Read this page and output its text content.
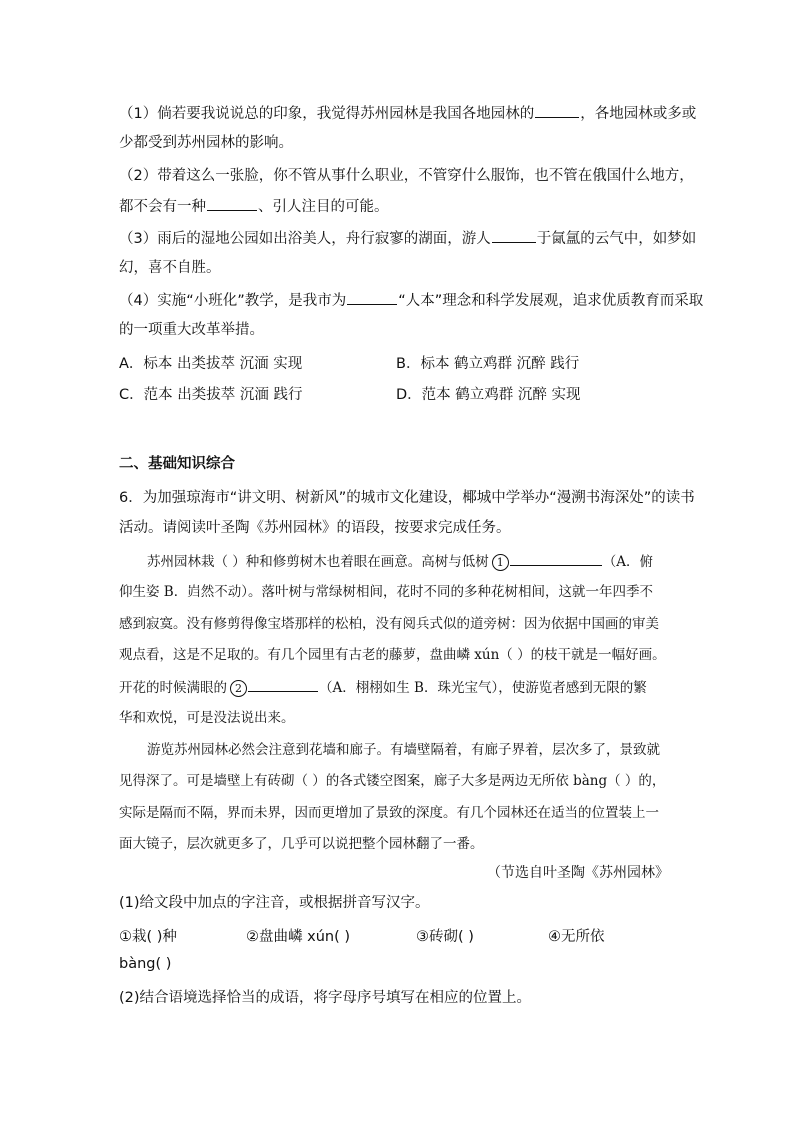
（1）倘若要我说说总的印象，我觉得苏州园林是我国各地园林的	，各地园林或多或
少都受到苏州园林的影响。
（2）带着这么一张脸，你不管从事什么职业，不管穿什么服饰，也不管在俄国什么地方，
都不会有一种	、引人注目的可能。
（3）雨后的湿地公园如出浴美人，舟行寂寥的湖面，游人	于氤氲的云气中，如梦如
幻，喜不自胜。
（4）实施“小班化”教学，是我市为	“人本”理念和科学发展观，追求优质教育而采取
的一项重大改革举措。
A．标本 出类拔萃 沉湎 实现	B．标本 鹤立鸡群 沉醉 践行
C．范本 出类拔萃 沉湎 践行	D．范本 鹤立鸡群 沉醉 实现
二、基础知识综合
6．为加强琼海市“讲文明、树新风”的城市文化建设，椰城中学举办“漫溯书海深处”的读书
活动。请阅读叶圣陶《苏州园林》的语段，按要求完成任务。
苏州园林栽（ ）种和修剪树木也着眼在画意。高树与低树 1	（A．俯
仰生姿 B．岿然不动）。落叶树与常绿树相间，花时不同的多种花树相间，这就一年四季不
感到寂寞。没有修剪得像宝塔那样的松柏，没有阅兵式似的道旁树：因为依据中国画的审美
观点看，这是不足取的。有几个园里有古老的藤萝，盘曲嶙 xún（ ）的枝干就是一幅好画。
开花的时候满眼的 2	（A．栩栩如生 B．珠光宝气），使游览者感到无限的繁
华和欢悦，可是没法说出来。
游览苏州园林必然会注意到花墙和廊子。有墙壁隔着，有廊子界着，层次多了，景致就
见得深了。可是墙壁上有砖砌（ ）的各式镂空图案，廊子大多是两边无所依 bàng（ ）的，
实际是隔而不隔，界而未界，因而更增加了景致的深度。有几个园林还在适当的位置装上一
面大镜子，层次就更多了，几乎可以说把整个园林翻了一番。
（节选自叶圣陶《苏州园林》
(1)给文段中加点的字注音，或根据拼音写汉字。
①栽( )种	②盘曲嶙 xún( )	③砖砌( )	④无所依
bàng( )
(2)结合语境选择恰当的成语，将字母序号填写在相应的位置上。
